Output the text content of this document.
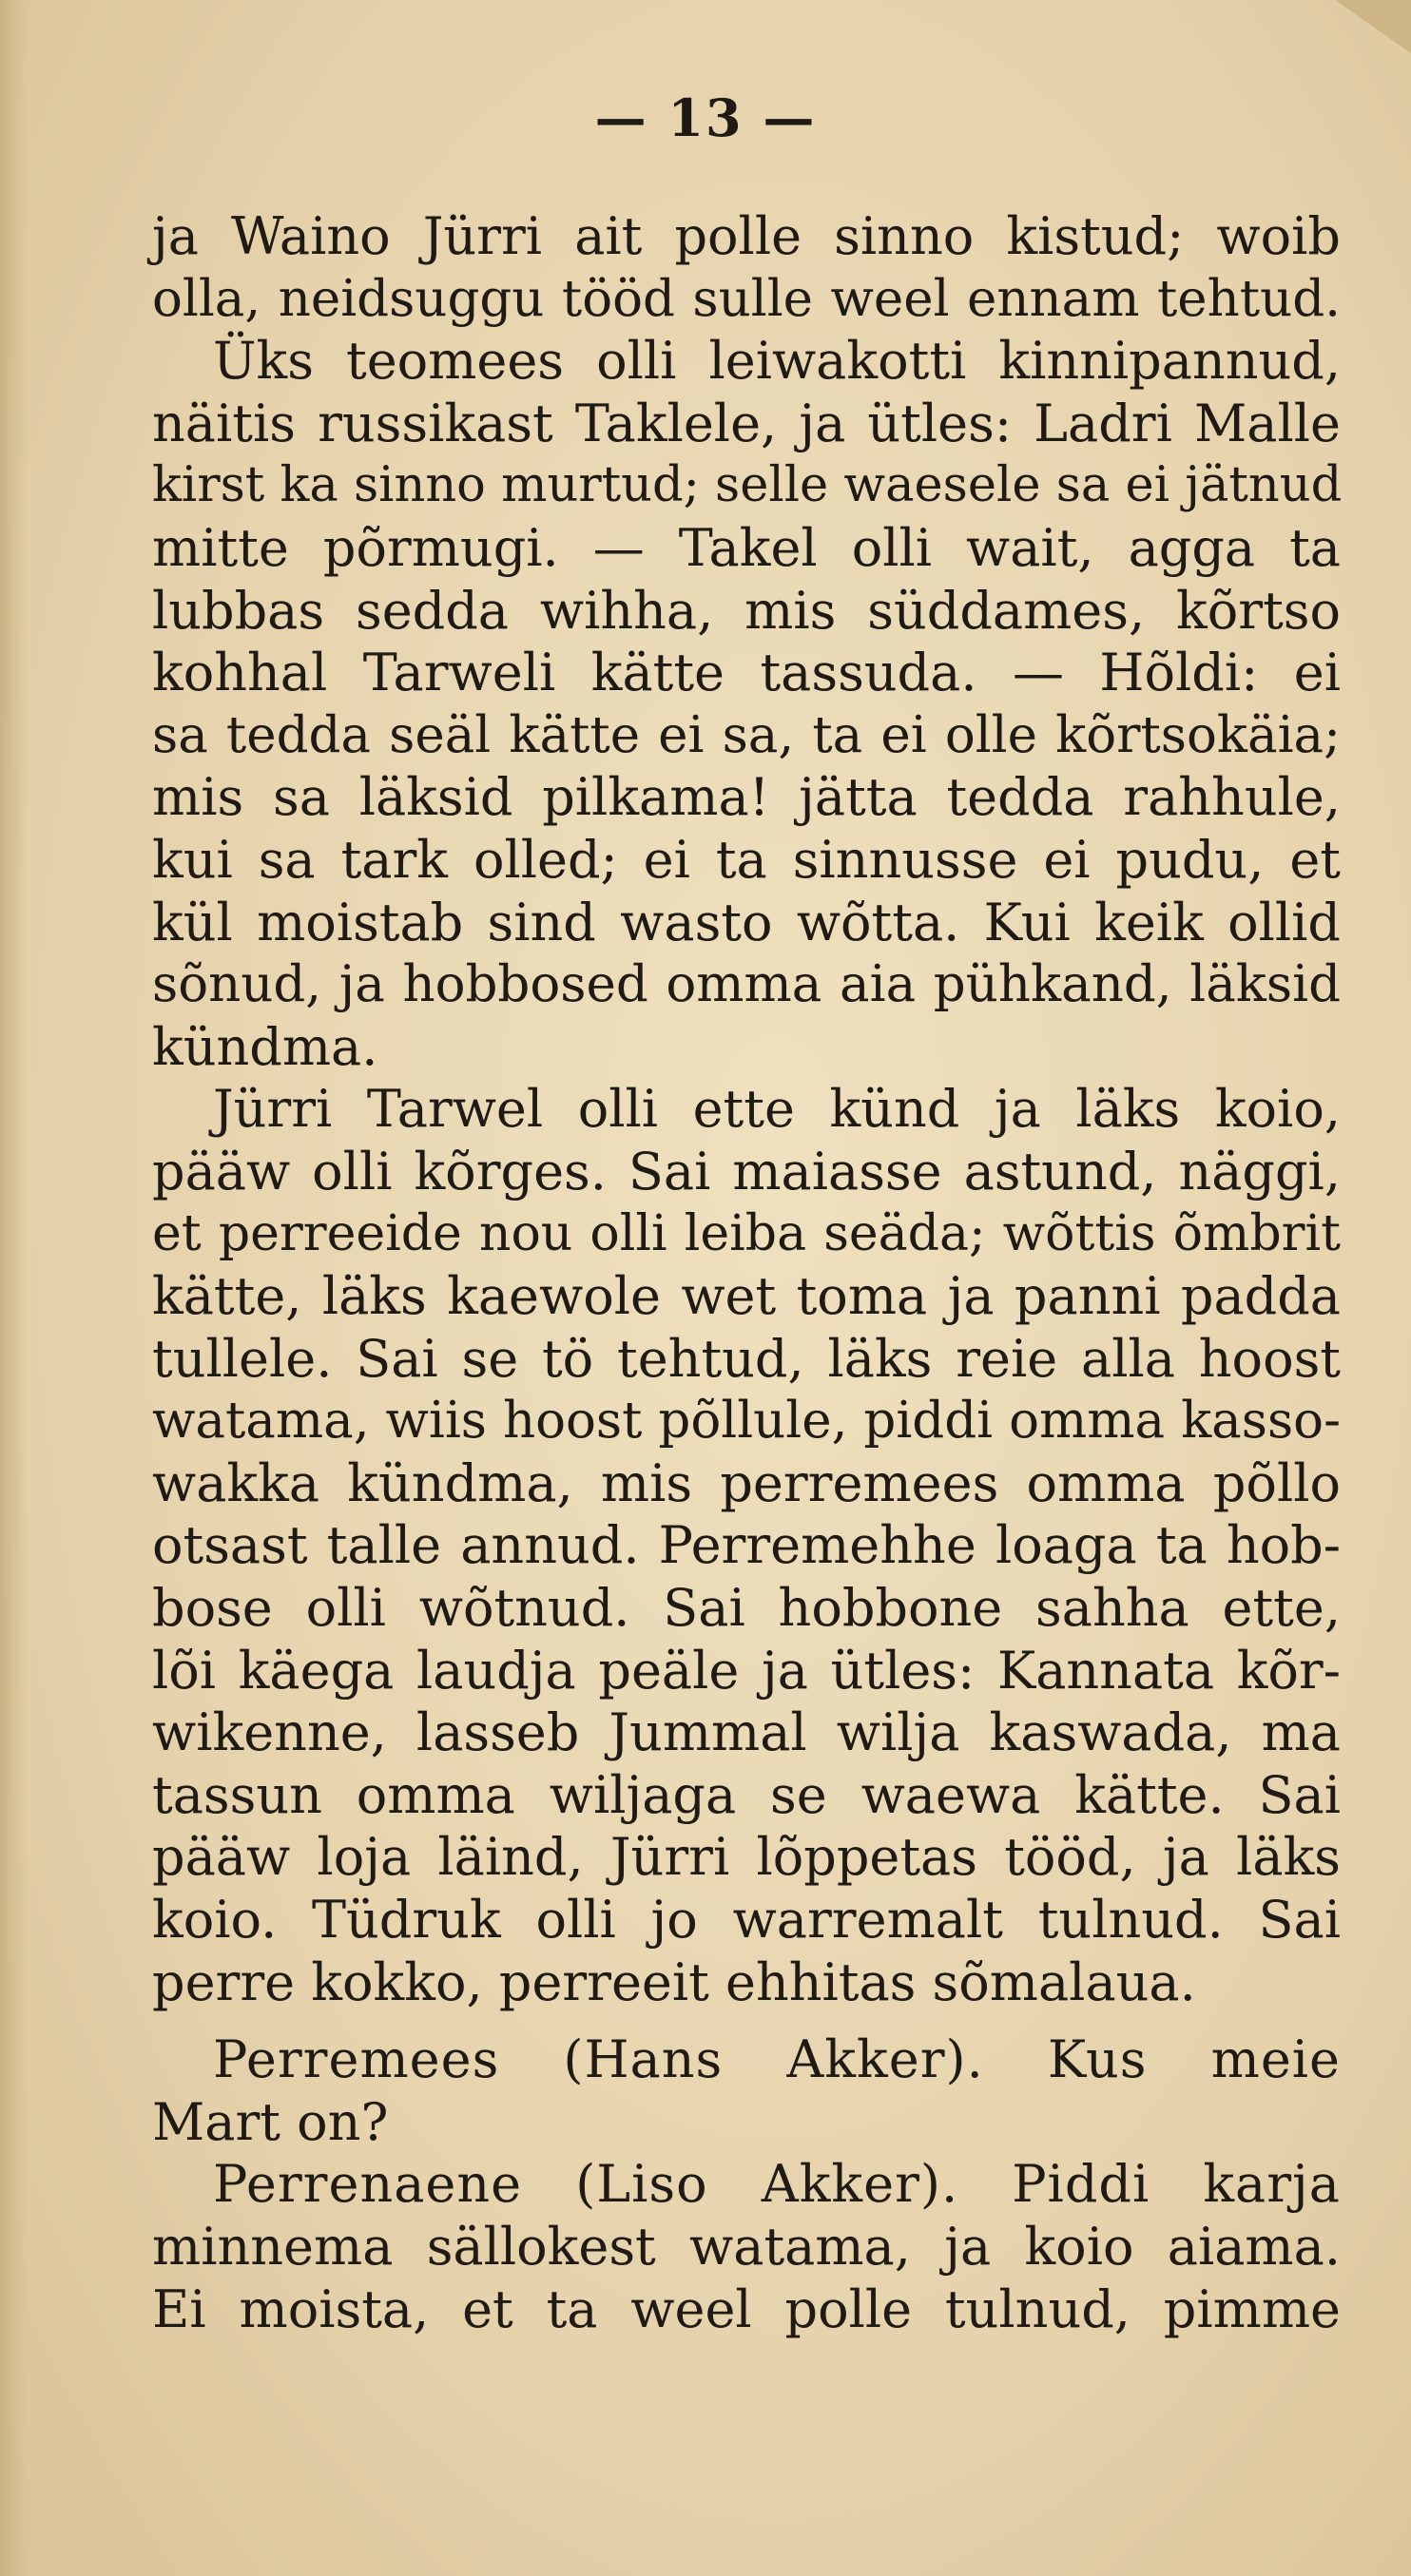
— 13 —
ja Waino Jürri ait polle sinno kistud; woib
olla, neidsuggu tööd sulle weel ennam tehtud.
Üks teomees olli leiwakotti kinnipannud,
näitis russikast Taklele, ja ütles: Ladri Malle
kirst ka sinno murtud; selle waesele sa ei jätnud
mitte põrmugi. — Takel olli wait, agga ta
lubbas sedda wihha, mis süddames, kõrtso
kohhal Tarweli kätte tassuda. — Hõldi: ei
sa tedda seäl kätte ei sa, ta ei olle kõrtsokäia;
mis sa läksid pilkama! jätta tedda rahhule,
kui sa tark olled; ei ta sinnusse ei pudu, et
kül moistab sind wasto wõtta. Kui keik ollid
sõnud, ja hobbosed omma aia pühkand, läksid
kündma.
Jürri Tarwel olli ette künd ja läks koio,
pääw olli kõrges. Sai maiasse astund, näggi,
et perreeide nou olli leiba seäda; wõttis õmbrit
kätte, läks kaewole wet toma ja panni padda
tullele. Sai se tö tehtud, läks reie alla hoost
watama, wiis hoost põllule, piddi omma kasso-
wakka kündma, mis perremees omma põllo
otsast talle annud. Perremehhe loaga ta hob-
bose olli wõtnud. Sai hobbone sahha ette,
lõi käega laudja peäle ja ütles: Kannata kõr-
wikenne, lasseb Jummal wilja kaswada, ma
tassun omma wiljaga se waewa kätte. Sai
pääw loja läind, Jürri lõppetas tööd, ja läks
koio. Tüdruk olli jo warremalt tulnud. Sai
perre kokko, perreeit ehhitas sõmalaua.
Perremees (Hans Akker). Kus meie
Mart on?
Perrenaene (Liso Akker). Piddi karja
minnema sällokest watama, ja koio aiama.
Ei moista, et ta weel polle tulnud, pimme
